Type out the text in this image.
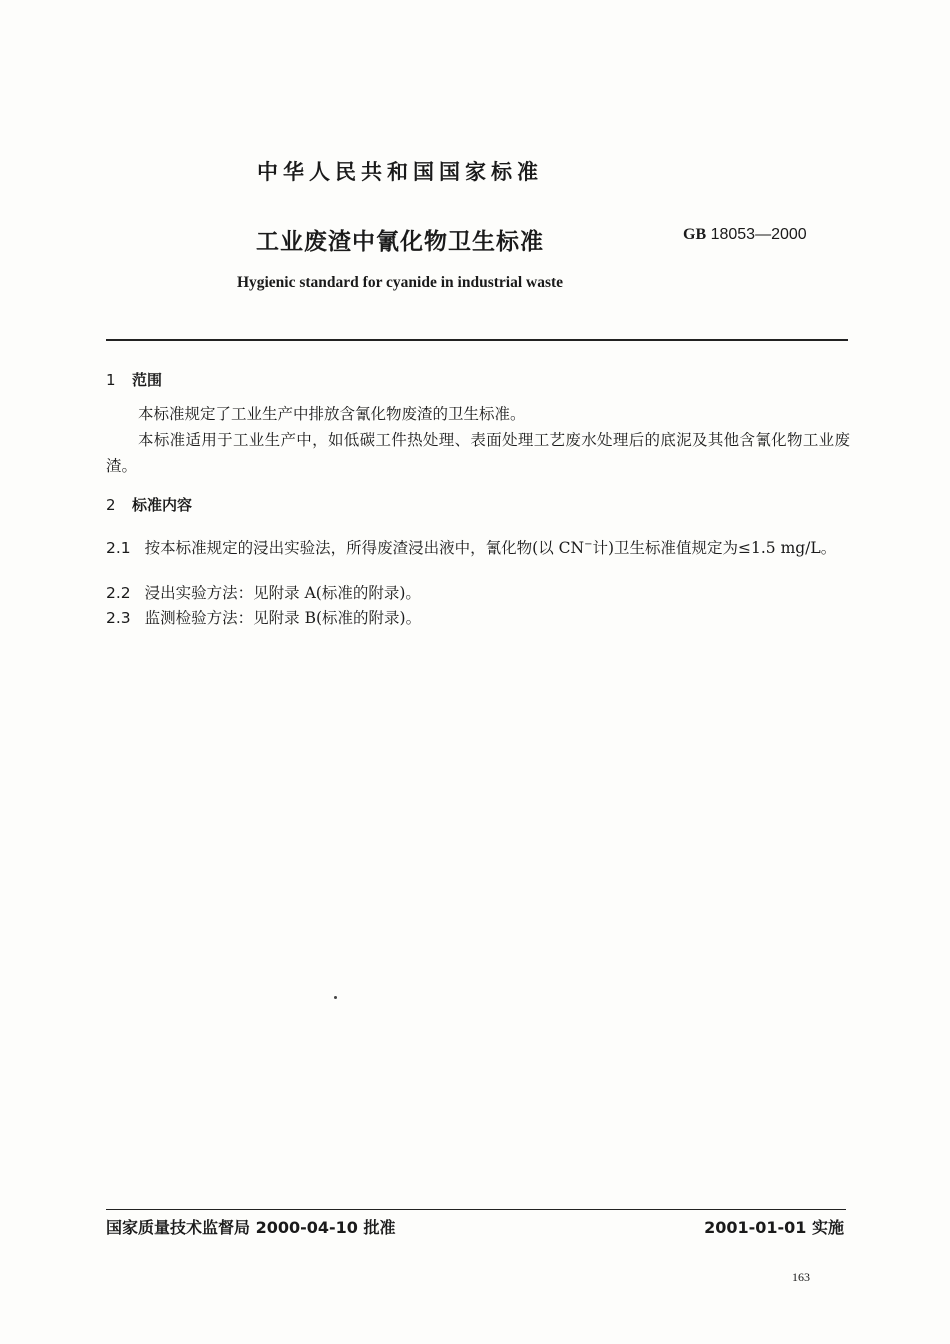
中华人民共和国国家标准
工业废渣中氰化物卫生标准	GB 18053—2000
Hygienic standard for cyanide in industrial waste
1 范围
本标准规定了工业生产中排放含氰化物废渣的卫生标准。
本标准适用于工业生产中，如低碳工件热处理、表面处理工艺废水处理后的底泥及其他含氰化物工业废渣。
2 标准内容
2.1 按本标准规定的浸出实验法，所得废渣浸出液中，氰化物(以 CN−计)卫生标准值规定为≤1.5 mg/L。
2.2 浸出实验方法：见附录 A(标准的附录)。
2.3 监测检验方法：见附录 B(标准的附录)。
国家质量技术监督局 2000-04-10 批准	2001-01-01 实施
163
